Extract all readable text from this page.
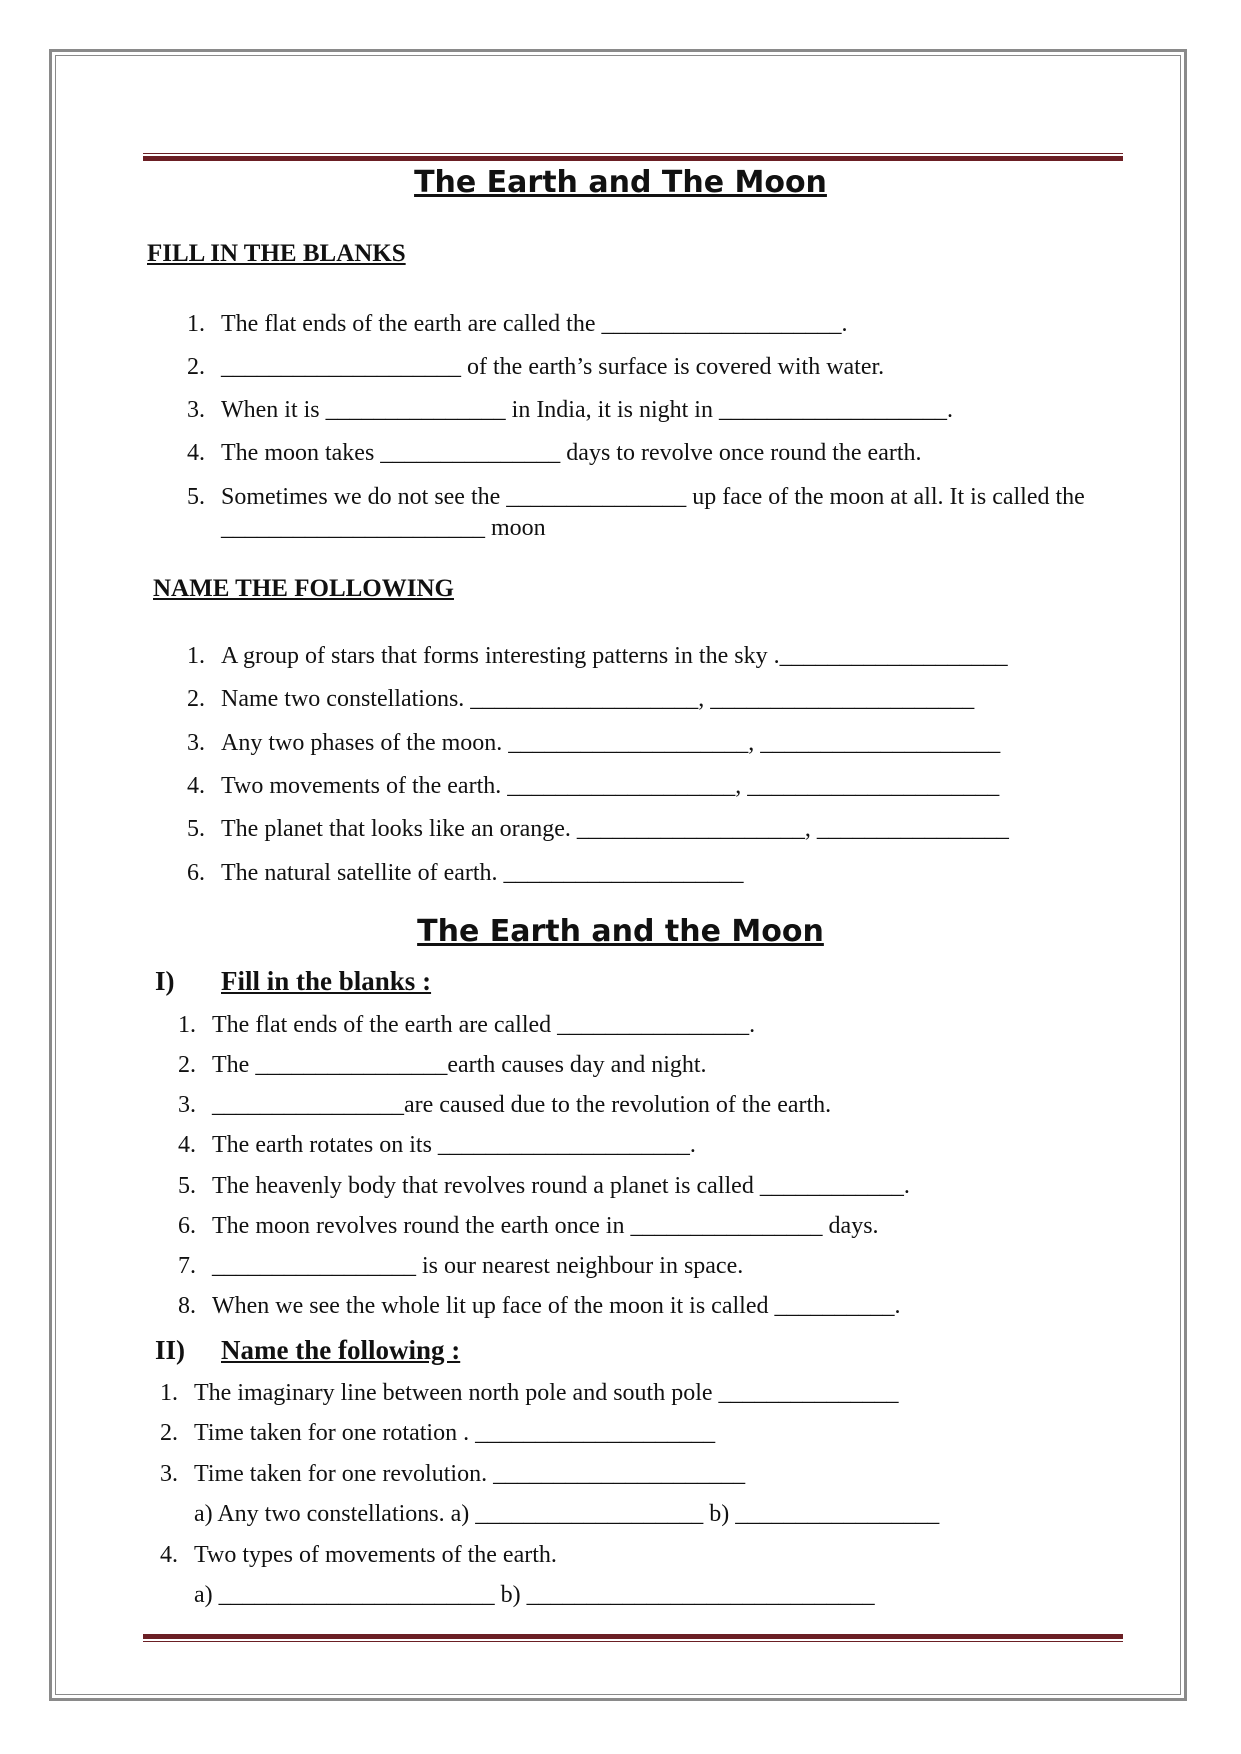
The Earth and The Moon
FILL IN THE BLANKS
1. The flat ends of the earth are called the ____________________.
2. ____________________ of the earth’s surface is covered with water.
3. When it is _______________ in India, it is night in ___________________.
4. The moon takes _______________ days to revolve once round the earth.
5. Sometimes we do not see the _______________ up face of the moon at all. It is called the ______________________ moon
NAME THE FOLLOWING
1. A group of stars that forms interesting patterns in the sky .___________________
2. Name two constellations. ___________________, ______________________
3. Any two phases of the moon. ____________________, ____________________
4. Two movements of the earth. ___________________, _____________________
5. The planet that looks like an orange. ___________________, ________________
6. The natural satellite of earth. ____________________
The Earth and the Moon
I) Fill in the blanks :
1. The flat ends of the earth are called ________________.
2. The ________________earth causes day and night.
3. ________________are caused due to the revolution of the earth.
4. The earth rotates on its _____________________.
5. The heavenly body that revolves round a planet is called ____________.
6. The moon revolves round the earth once in ________________ days.
7. _________________ is our nearest neighbour in space.
8. When we see the whole lit up face of the moon it is called __________.
II) Name the following :
1. The imaginary line between north pole and south pole _______________
2. Time taken for one rotation . ____________________
3. Time taken for one revolution. _____________________
a) Any two constellations. a) ___________________ b) _________________
4. Two types of movements of the earth.
a) _______________________ b) _____________________________
